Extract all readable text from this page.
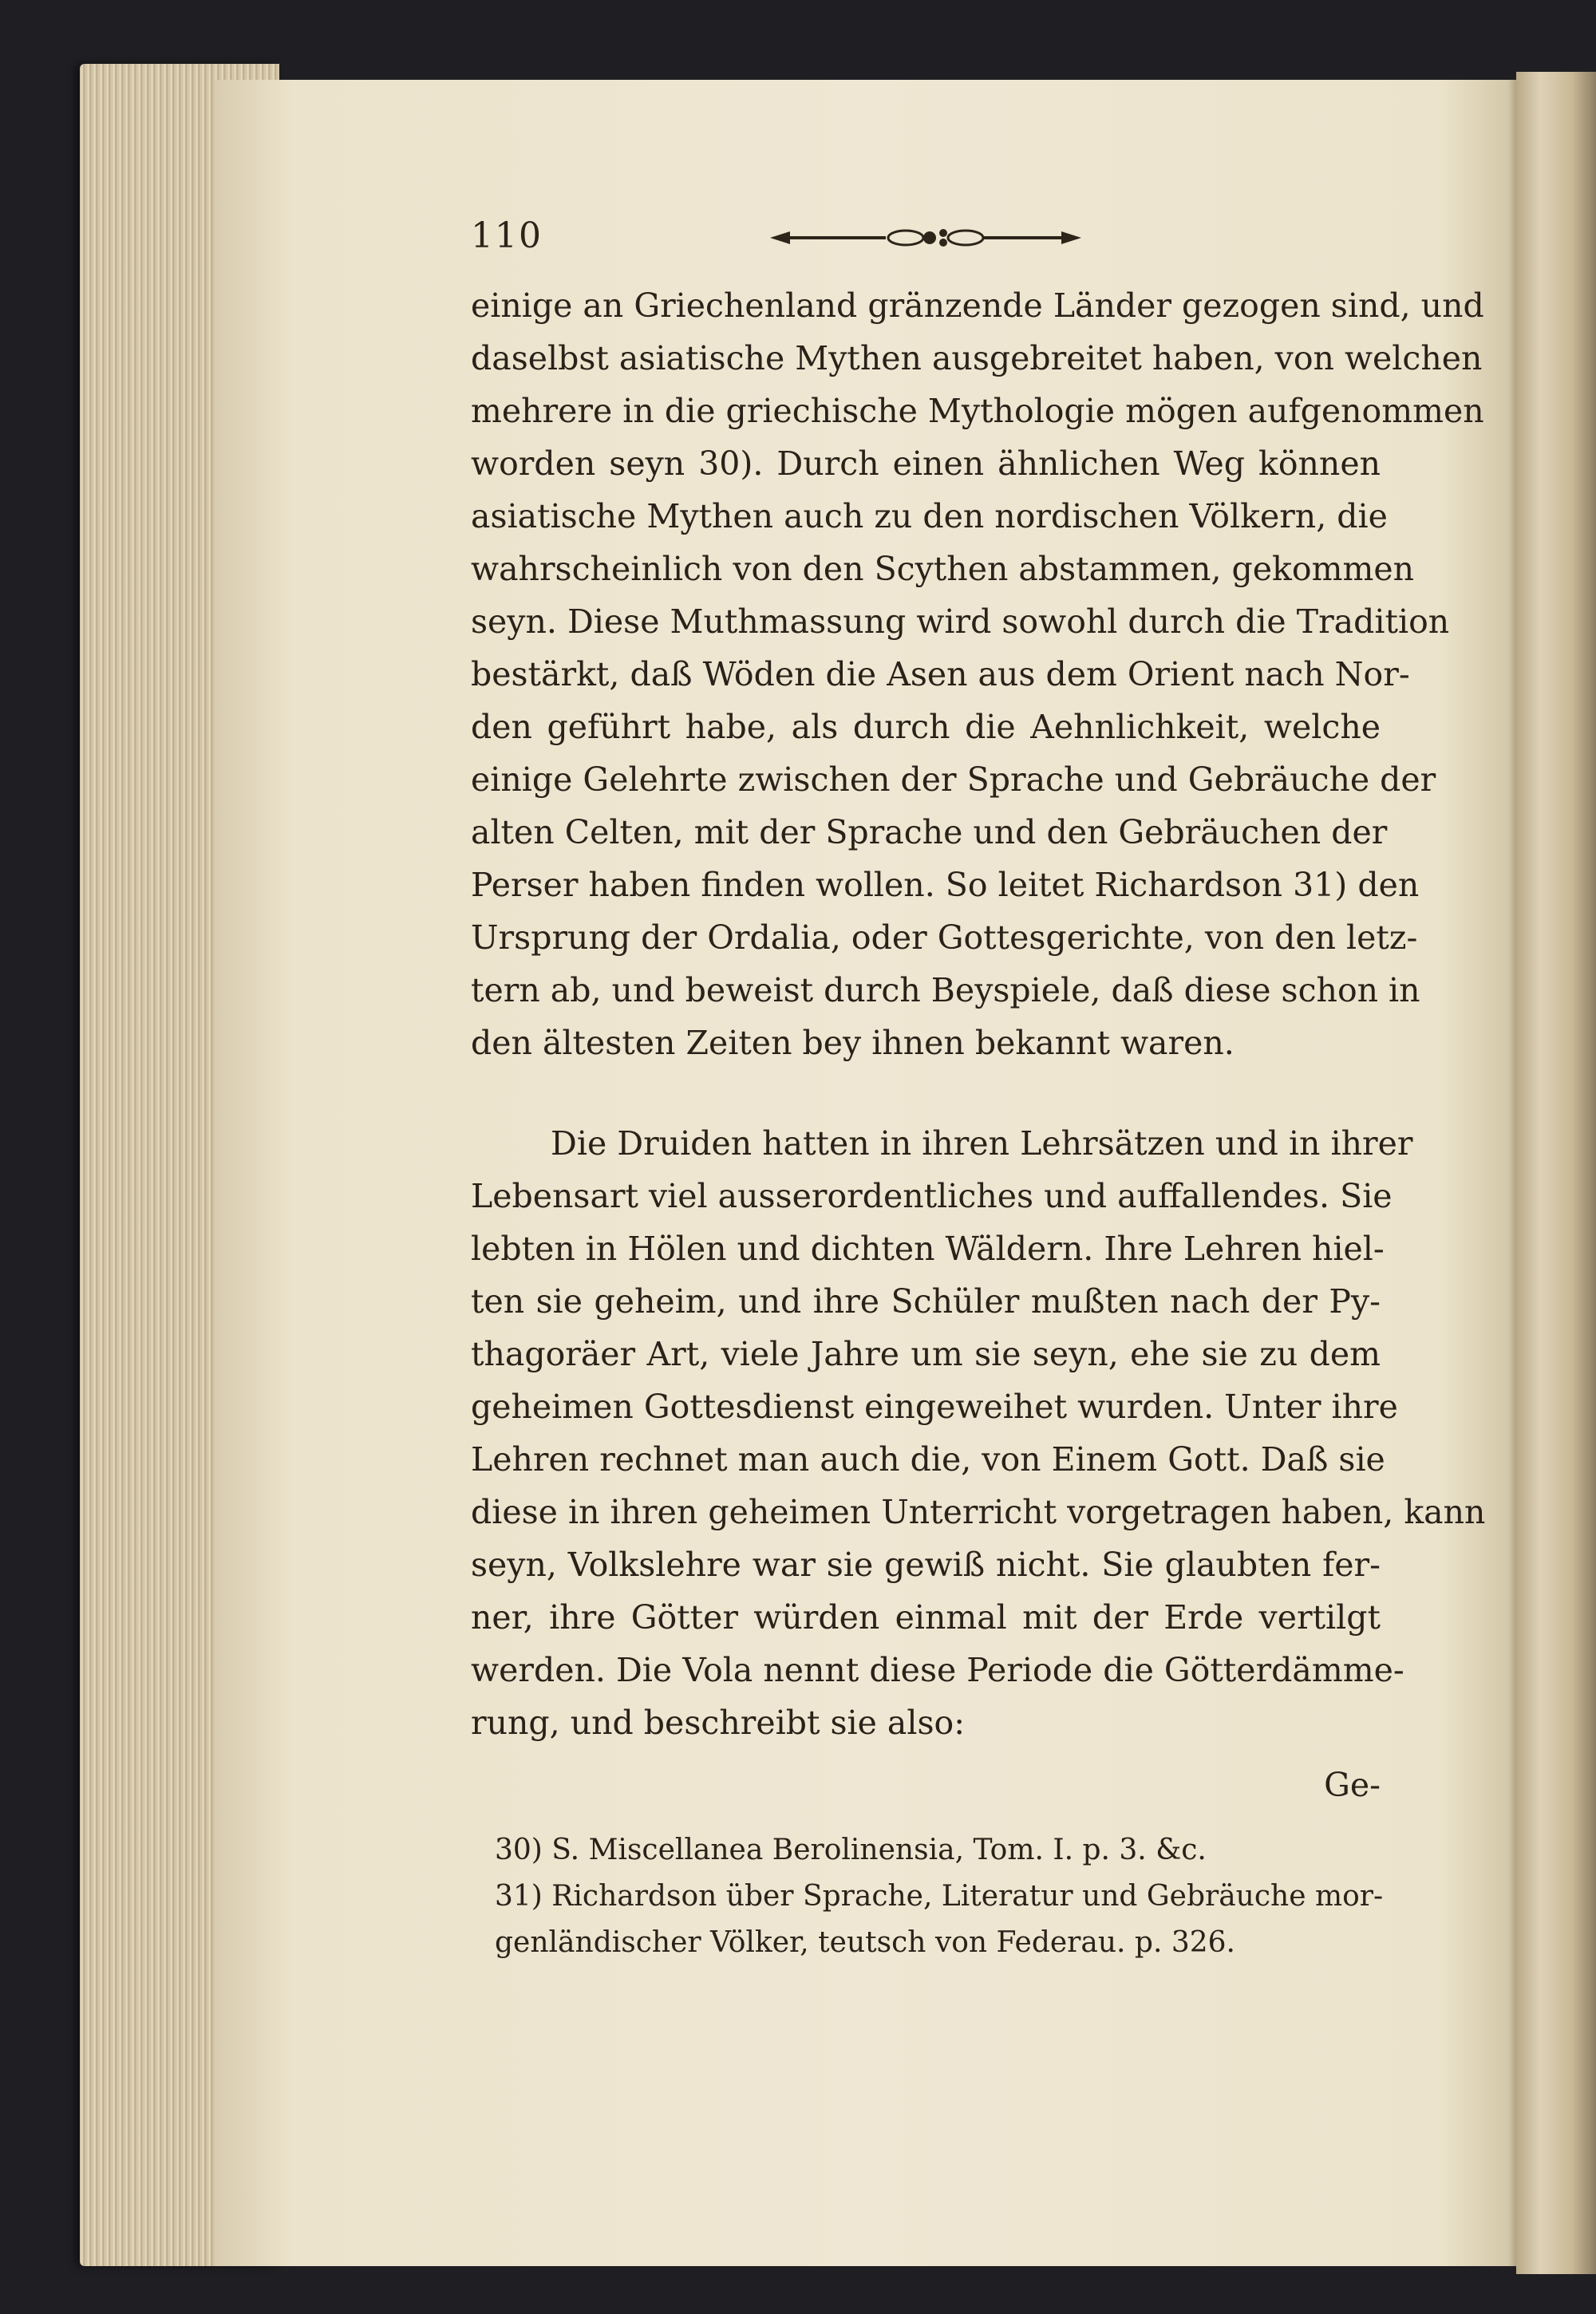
110
einige an Griechenland gränzende Länder gezogen sind, und
daselbst asiatische Mythen ausgebreitet haben, von welchen
mehrere in die griechische Mythologie mögen aufgenommen
worden seyn 30). Durch einen ähnlichen Weg können
asiatische Mythen auch zu den nordischen Völkern, die
wahrscheinlich von den Scythen abstammen, gekommen
seyn. Diese Muthmassung wird sowohl durch die Tradition
bestärkt, daß Wöden die Asen aus dem Orient nach Nor-
den geführt habe, als durch die Aehnlichkeit, welche
einige Gelehrte zwischen der Sprache und Gebräuche der
alten Celten, mit der Sprache und den Gebräuchen der
Perser haben finden wollen. So leitet Richardson 31) den
Ursprung der Ordalia, oder Gottesgerichte, von den letz-
tern ab, und beweist durch Beyspiele, daß diese schon in
den ältesten Zeiten bey ihnen bekannt waren.
Die Druiden hatten in ihren Lehrsätzen und in ihrer
Lebensart viel ausserordentliches und auffallendes. Sie
lebten in Hölen und dichten Wäldern. Ihre Lehren hiel-
ten sie geheim, und ihre Schüler mußten nach der Py-
thagoräer Art, viele Jahre um sie seyn, ehe sie zu dem
geheimen Gottesdienst eingeweihet wurden. Unter ihre
Lehren rechnet man auch die, von Einem Gott. Daß sie
diese in ihren geheimen Unterricht vorgetragen haben, kann
seyn, Volkslehre war sie gewiß nicht. Sie glaubten fer-
ner, ihre Götter würden einmal mit der Erde vertilgt
werden. Die Vola nennt diese Periode die Götterdämme-
rung, und beschreibt sie also:
Ge-
30) S. Miscellanea Berolinensia, Tom. I. p. 3. &c.
31) Richardson über Sprache, Literatur und Gebräuche mor-
genländischer Völker, teutsch von Federau. p. 326.
